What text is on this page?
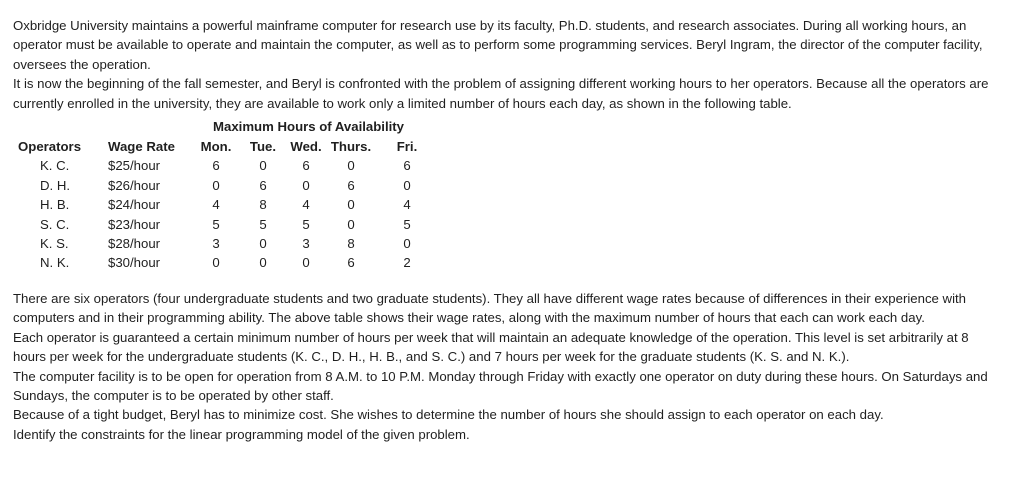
Oxbridge University maintains a powerful mainframe computer for research use by its faculty, Ph.D. students, and research associates. During all working hours, an operator must be available to operate and maintain the computer, as well as to perform some programming services. Beryl Ingram, the director of the computer facility, oversees the operation.

It is now the beginning of the fall semester, and Beryl is confronted with the problem of assigning different working hours to her operators. Because all the operators are currently enrolled in the university, they are available to work only a limited number of hours each day, as shown in the following table.

Maximum Hours of Availability
Operators	Wage Rate	Mon.	Tue.	Wed.	Thurs.	Fri.
K. C.	$25/hour	6	0	6	0	6
D. H.	$26/hour	0	6	0	6	0
H. B.	$24/hour	4	8	4	0	4
S. C.	$23/hour	5	5	5	0	5
K. S.	$28/hour	3	0	3	8	0
N. K.	$30/hour	0	0	0	6	2

There are six operators (four undergraduate students and two graduate students). They all have different wage rates because of differences in their experience with computers and in their programming ability. The above table shows their wage rates, along with the maximum number of hours that each can work each day.

Each operator is guaranteed a certain minimum number of hours per week that will maintain an adequate knowledge of the operation. This level is set arbitrarily at 8 hours per week for the undergraduate students (K. C., D. H., H. B., and S. C.) and 7 hours per week for the graduate students (K. S. and N. K.).

The computer facility is to be open for operation from 8 A.M. to 10 P.M. Monday through Friday with exactly one operator on duty during these hours. On Saturdays and Sundays, the computer is to be operated by other staff.

Because of a tight budget, Beryl has to minimize cost. She wishes to determine the number of hours she should assign to each operator on each day.

Identify the constraints for the linear programming model of the given problem.
